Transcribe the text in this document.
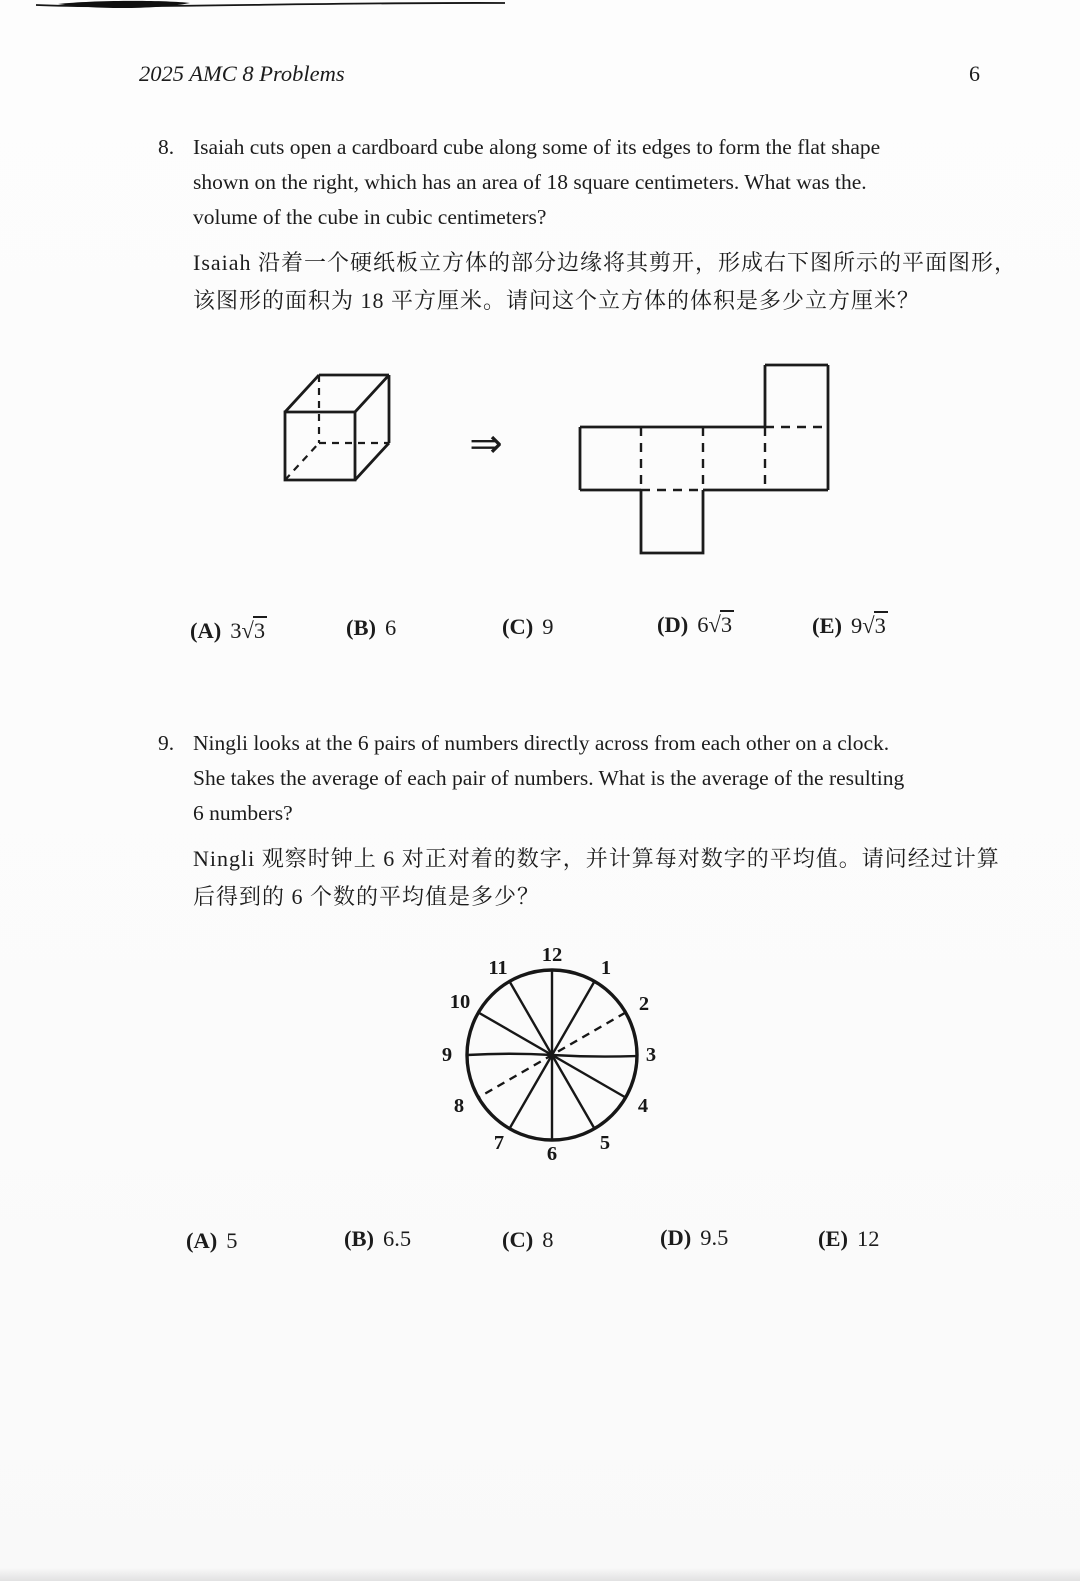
2025 AMC 8 Problems	6
8. Isaiah cuts open a cardboard cube along some of its edges to form the flat shape
shown on the right, which has an area of 18 square centimeters. What was the.
volume of the cube in cubic centimeters?
Isaiah 沿着一个硬纸板立方体的部分边缘将其剪开，形成右下图所示的平面图形，
该图形的面积为 18 平方厘米。请问这个立方体的体积是多少立方厘米？
⇒
(A) 3 √ 3	(B) 6	(C) 9	(D) 6 √ 3	(E) 9 √ 3
9. Ningli looks at the 6 pairs of numbers directly across from each other on a clock.
She takes the average of each pair of numbers. What is the average of the resulting
6 numbers?
Ningli 观察时钟上 6 对正对着的数字，并计算每对数字的平均值。请问经过计算
后得到的 6 个数的平均值是多少？
1
2
3
4
5
6
7
8
9
10
11
12
(A) 5	(B) 6.5	(C) 8	(D) 9.5	(E) 12
